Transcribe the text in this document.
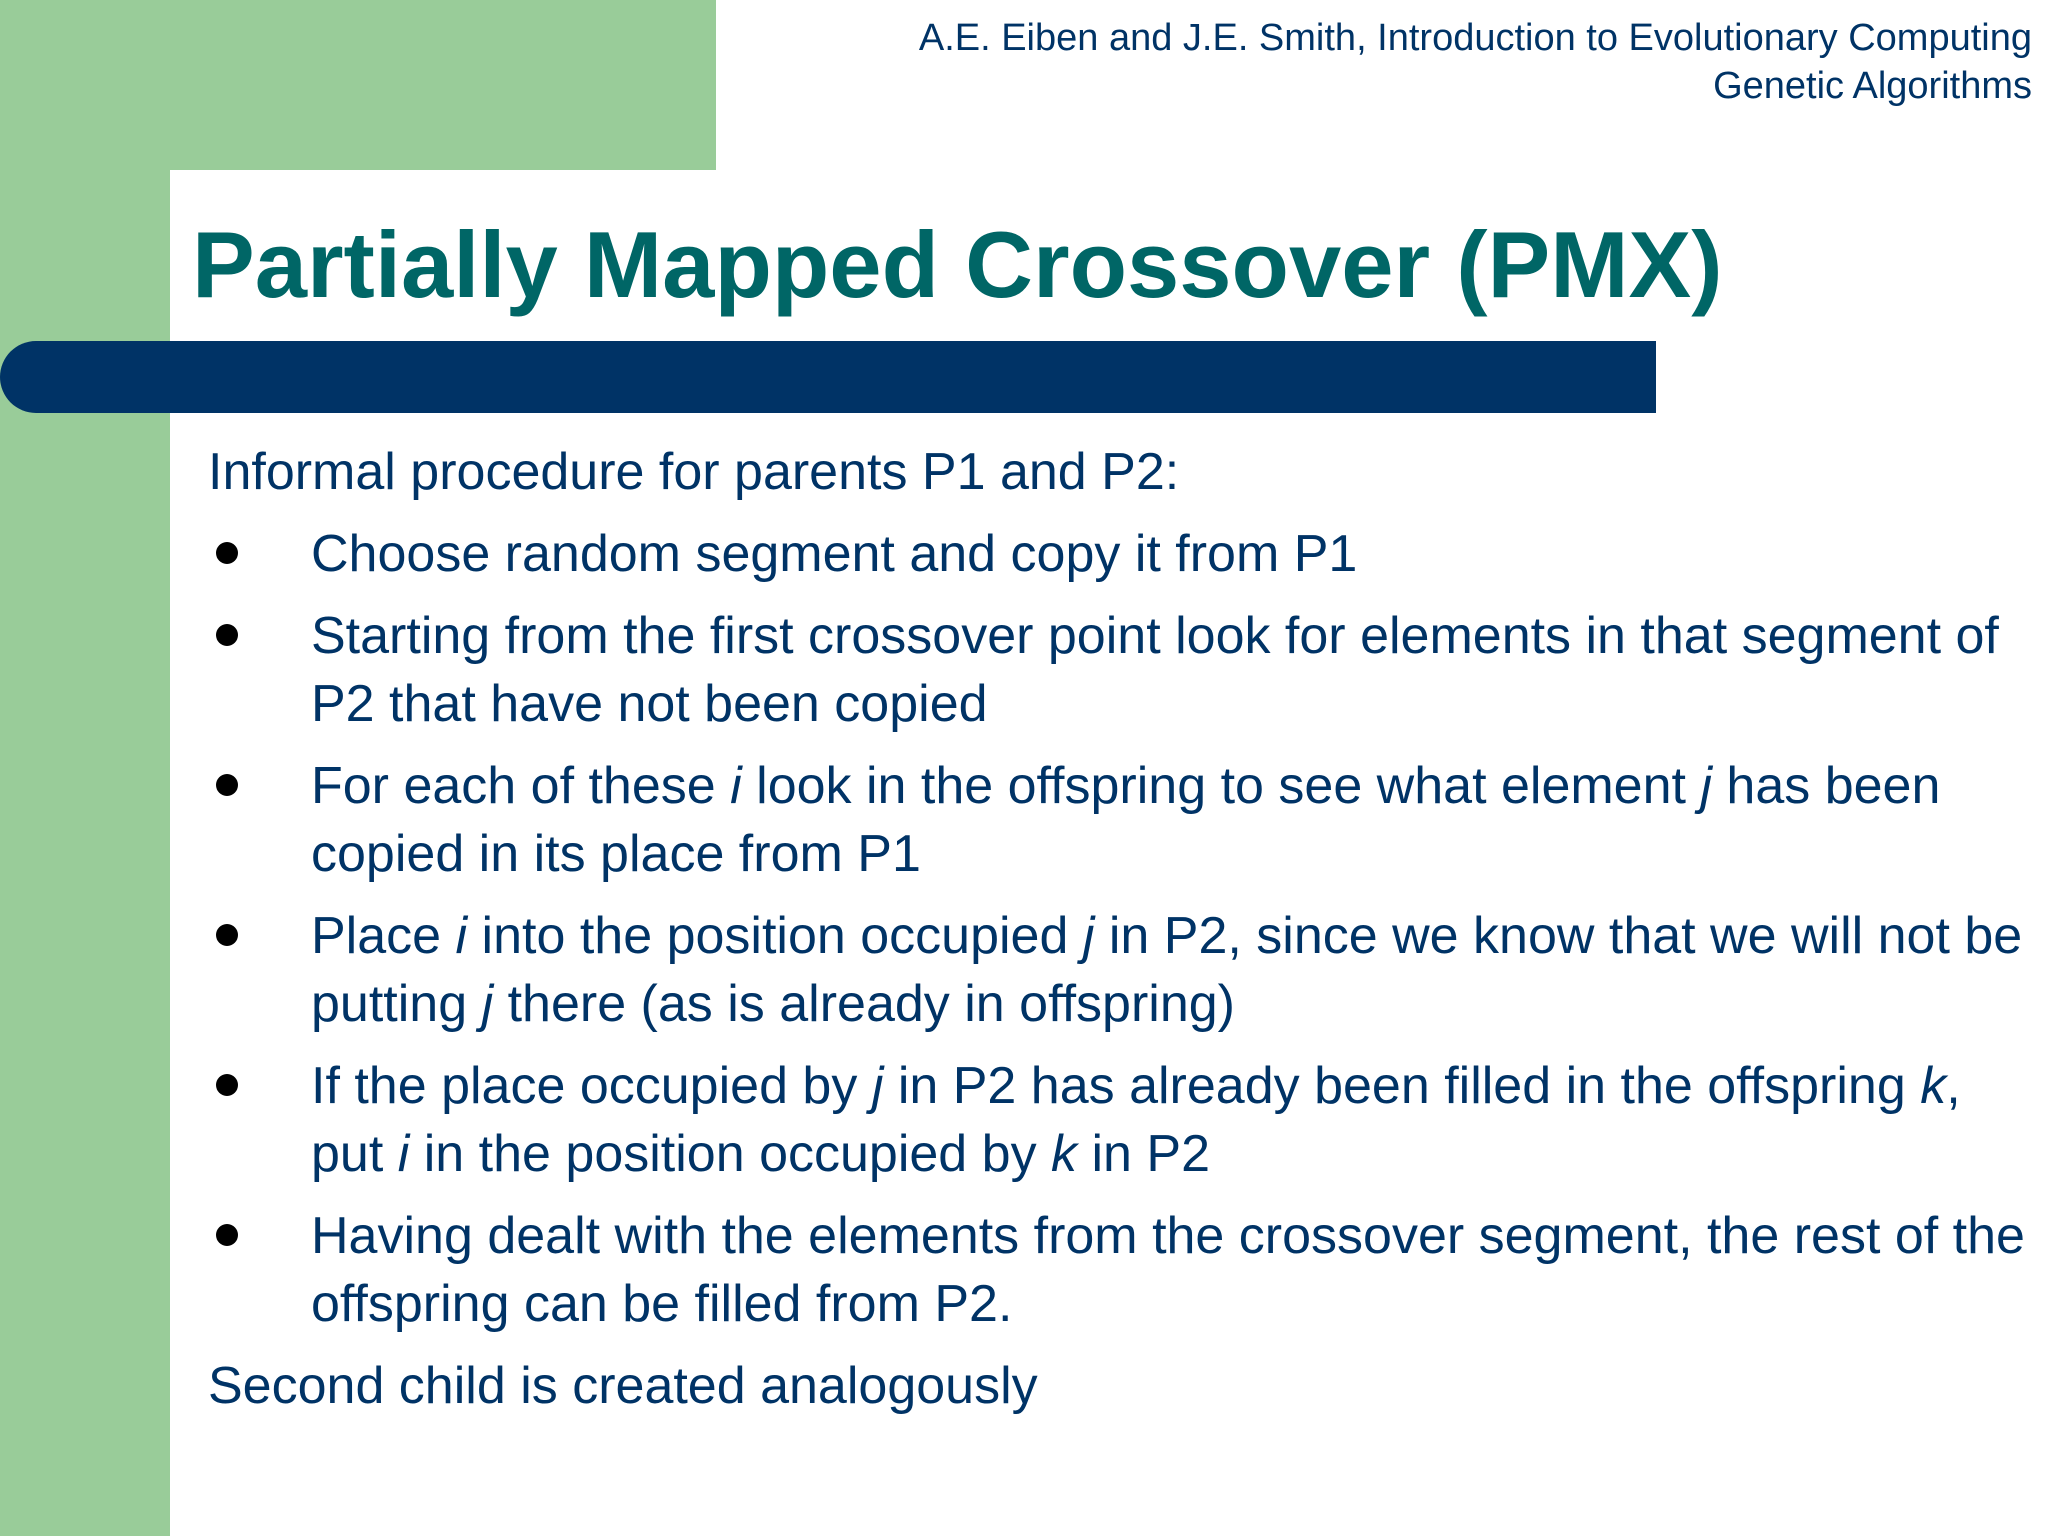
A.E. Eiben and J.E. Smith, Introduction to Evolutionary Computing
Genetic Algorithms
Partially Mapped Crossover (PMX)

Informal procedure for parents P1 and P2:

Choose random segment and copy it from P1
Starting from the first crossover point look for elements in that segment of P2 that have not been copied
For each of these i look in the offspring to see what element j has been copied in its place from P1
Place i into the position occupied j in P2, since we know that we will not be putting j there (as is already in offspring)
If the place occupied by j in P2 has already been filled in the offspring k, put i in the position occupied by k in P2
Having dealt with the elements from the crossover segment, the rest of the offspring can be filled from P2.

Second child is created analogously
